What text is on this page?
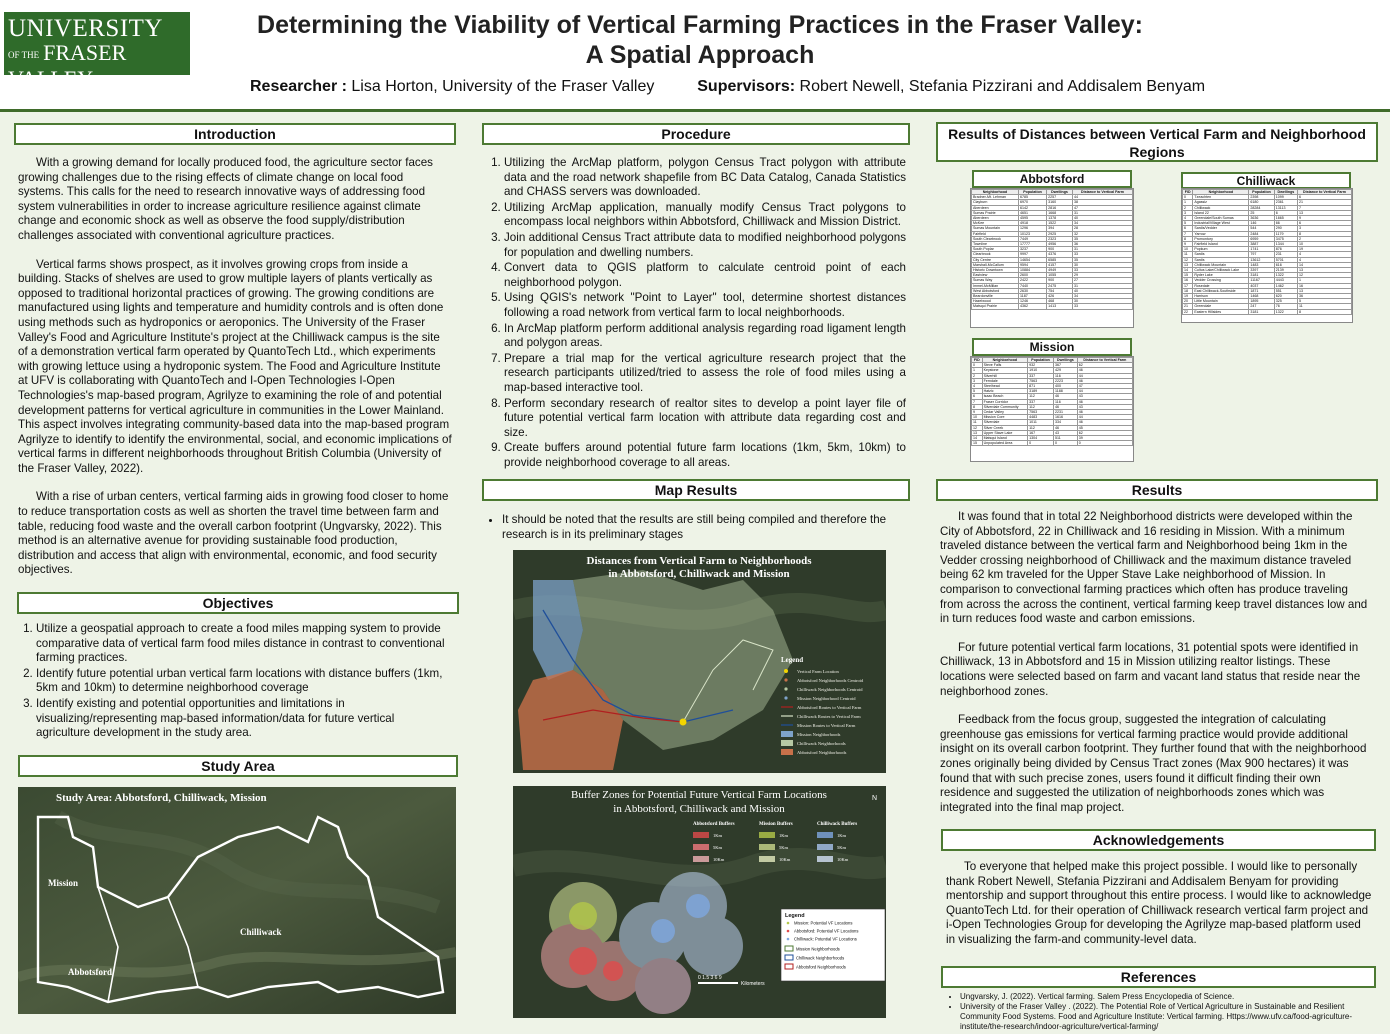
UNIVERSITY
OF THE FRASER VALLEY
Determining the Viability of Vertical Farming Practices in the Fraser Valley: A Spatial Approach
Researcher : Lisa Horton, University of the Fraser Valley	Supervisors: Robert Newell, Stefania Pizzirani and Addisalem Benyam
Introduction

With a growing demand for locally produced food, the agriculture sector faces growing challenges due to the rising effects of climate change on local food systems. This calls for the need to research innovative ways of addressing food system vulnerabilities in order to increase agriculture resilience against climate change and economic shock as well as observe the food supply/distribution challenges associated with conventional agriculture practices.

Vertical farms shows prospect, as it involves growing crops from inside a building. Stacks of shelves are used to grow multiple layers of plants vertically as opposed to traditional horizontal practices of growing. The growing conditions are manufactured using lights and temperature and humidity controls and is often done using methods such as hydroponics or aeroponics. The University of the Fraser Valley's Food and Agriculture Institute's project at the Chilliwack campus is the site of a demonstration vertical farm operated by QuantoTech Ltd., which experiments with growing lettuce using a hydroponic system. The Food and Agriculture Institute at UFV is collaborating with QuantoTech and I-Open Technologies I-Open Technologies's map-based program, Agrilyze to examining the role of and potential development patterns for vertical agriculture in communities in the Lower Mainland. This aspect involves integrating community-based data into the map-based program Agrilyze to identify to identify the environmental, social, and economic implications of vertical farms in different neighborhoods throughout British Columbia (University of the Fraser Valley, 2022).

With a rise of urban centers, vertical farming aids in growing food closer to home to reduce transportation costs as well as shorten the travel time between farm and table, reducing food waste and the overall carbon footprint (Ungvarsky, 2022). This method is an alternative avenue for providing sustainable food production, distribution and access that align with environmental, economic, and food security objectives.

Objectives
1. Utilize a geospatial approach to create a food miles mapping system to provide comparative data of vertical farm food miles distance in contrast to conventional farming practices.
2. Identify future potential urban vertical farm locations with distance buffers (1km, 5km and 10km) to determine neighborhood coverage
3. Identify existing and potential opportunities and limitations in visualizing/representing map-based information/data for future vertical agriculture development in the study area.
Study Area
Study Area: Abbotsford, Chilliwack, Mission
Mission
Chilliwack
Abbotsford
Procedure
1. Utilizing the ArcMap platform, polygon Census Tract polygon with attribute data and the road network shapefile from BC Data Catalog, Canada Statistics and CHASS servers was downloaded.
2. Utilizing ArcMap application, manually modify Census Tract polygons to encompass local neighbors within Abbotsford, Chilliwack and Mission District.
3. Join additional Census Tract attribute data to modified neighborhood polygons for population and dwelling numbers.
4. Convert data to QGIS platform to calculate centroid point of each neighborhood polygon.
5. Using QGIS's network "Point to Layer" tool, determine shortest distances following a road network from vertical farm to local neighborhoods.
6. In ArcMap platform perform additional analysis regarding road ligament length and polygon areas.
7. Prepare a trial map for the vertical agriculture research project that the research participants utilized/tried to assess the role of food miles using a map-based interactive tool.
8. Perform secondary research of realtor sites to develop a point layer file of future potential vertical farm location with attribute data regarding cost and size.
9. Create buffers around potential future farm locations (1km, 5km, 10km) to provide neighborhood coverage to all areas.
Map Results
• It should be noted that the results are still being compiled and therefore the research is in its preliminary stages
Distances from Vertical Farm to Neighborhoods
in Abbotsford, Chilliwack and Mission
Legend
Vertical Farm Location
Abbotsford Neighborhoods Centroid
Chilliwack Neighborhoods Centroid
Mission Neighborhood Centroid
Abbotsford Routes to Vertical Farm
Chilliwack Routes to Vertical Farm
Mission Routes to Vertical Farm
Mission Neighborhoods
Chilliwack Neighborhoods
Abbotsford Neighborhoods
Buffer Zones for Potential Future Vertical Farm Locations
in Abbotsford, Chilliwack and Mission
N
Abbotsford Buffers	Mission Buffers	Chilliwack Buffers
1Km
5Km
10Km
1Km
5Km
10Km
1Km
5Km
10Km
Legend
Mission: Potential VF Locations
Abbotsford: Potential VF Locations
Chilliwack: Potential VF Locations
Mission Neighborhoods
Chilliwack Neighborhoods
Abbotsford Neighborhoods
0 1.5 3 6 9
Kilometers
Results of Distances between Vertical Farm and Neighborhood Regions
Abbotsford
Neighborhood	Population	Dwellings	Distance to Vertical Farm
Bradner-Mt. Lehman	6785	2257	44
Clayburn	6970	3160	38
Aberdeen	6142	2816	47
Sumas Prairie	4651	1668	31
Aberdeen	4595	1378	40
McKee	4918	1522	34
Sumas Mountain	1296	394	28
Fairfield	10123	2925	32
South Clearbrook	7449	2323	35
Townline	17777	4956	36
South Poplar	3237	900	31
Clearbrook	9997	4376	33
City Centre	14654	6585	35
Marshall-McCallum	9594	4157	30
Historic Downtown	10884	4949	33
Eastview	2600	1055	29
Sumas Way	2422	900	27
Immel-McMillan	7440	2475	31
West Abbotsford	2630	754	40
Beardonville	1187	426	34
Hazelwood	1246	468	30
Matsqui Prairie	4362	1413	33
Chilliwack
FID	Neighborhood	Population	Dwellings	Distance to Vertical Farm
0	Tzeachten	2398	1099	6
1	Agassiz	6180	2361	21
2	Chilliwack	28284	13113	7
3	Island 22	25	6	13
4	Greendale/South Sumas	3636	1665	9
5	Industrial/Village West	146	66	6
6	Sardis/Vedder	544	290	3
7	Yarrow	2484	1179	8
8	Promontory	6959	3475	2
9	Fairfield Island	3887	1344	10
10	Popkum	1741	876	19
11	Sardis	797	231	4
12	Sardis	13612	5701	4
13	Chilliwack Mountain	1483	616	14
14	Cultus Lake/Chilliwack Lake	3397	2139	13
15	Ryder Lake	3181	1322	12
16	Vedder Crossing	11167	4443	1
17	Rosedale	4037	1462	16
18	East Chilliwack-Southside	1871	551	13
19	Harrison	1468	620	36
20	Little Mountain	1895	325	5
21	Greendale	247	76	11
22	Eastern Hillsides	3181	1322	8
Mission
FID	Neighborhood	Population	Dwellings	Distance to Vertical Farm
0	Steve Falls	932	367	62
1	Keystone	1910	429	46
2	Silverhill	337	116	44
3	Ferndale	7563	2223	46
4	Steelhead	871	400	47
5	Hatzic	3189	1188	44
6	Isaac Beach	112	46	43
7	Fraser Corridor	337	116	46
8	Silverdale Community	112	46	43
9	Cedar Valley	7563	2231	46
10	Mission Core	4483	1616	44
11	Silverdale	1011	334	46
12	Silver Creek	112	46	45
13	Upper Stave Lake	167	43	62
14	Matsqui Island	1304	511	39
15	Unpopulated Area	0	0	0
Results

It was found that in total 22 Neighborhood districts were developed within the City of Abbotsford, 22 in Chilliwack and 16 residing in Mission. With a minimum traveled distance between the vertical farm and Neighborhood being 1km in the Vedder crossing neighborhood of Chilliwack and the maximum distance traveled being 62 km traveled for the Upper Stave Lake neighborhood of Mission. In comparison to convectional farming practices which often has produce traveling from across the across the continent, vertical farming keep travel distances low and in turn reduces food waste and carbon emissions.

For future potential vertical farm locations, 31 potential spots were identified in Chilliwack, 13 in Abbotsford and 15 in Mission utilizing realtor listings. These locations were selected based on farm and vacant land status that reside near the neighborhood zones.

Feedback from the focus group, suggested the integration of calculating greenhouse gas emissions for vertical farming practice would provide additional insight on its overall carbon footprint. They further found that with the neighborhood zones originally being divided by Census Tract zones (Max 900 hectares) it was found that with such precise zones, users found it difficult finding their own residence and suggested the utilization of neighborhoods zones which was integrated into the final map project.

Acknowledgements

To everyone that helped make this project possible. I would like to personally thank Robert Newell, Stefania Pizzirani and Addisalem Benyam for providing mentorship and support throughout this entire process. I would like to acknowledge QuantoTech Ltd. for their operation of Chilliwack research vertical farm project and i-Open Technologies Group for developing the Agrilyze map-based platform used in visualizing the farm-and community-level data.

References
• Ungvarsky, J. (2022). Vertical farming. Salem Press Encyclopedia of Science.
• University of the Fraser Valley . (2022). The Potential Role of Vertical Agriculture in Sustainable and Resilient Community Food Systems. Food and Agriculture Institute: Vertical farming. Https://www.ufv.ca/food-agriculture-institute/the-research/indoor-agriculture/vertical-farming/
